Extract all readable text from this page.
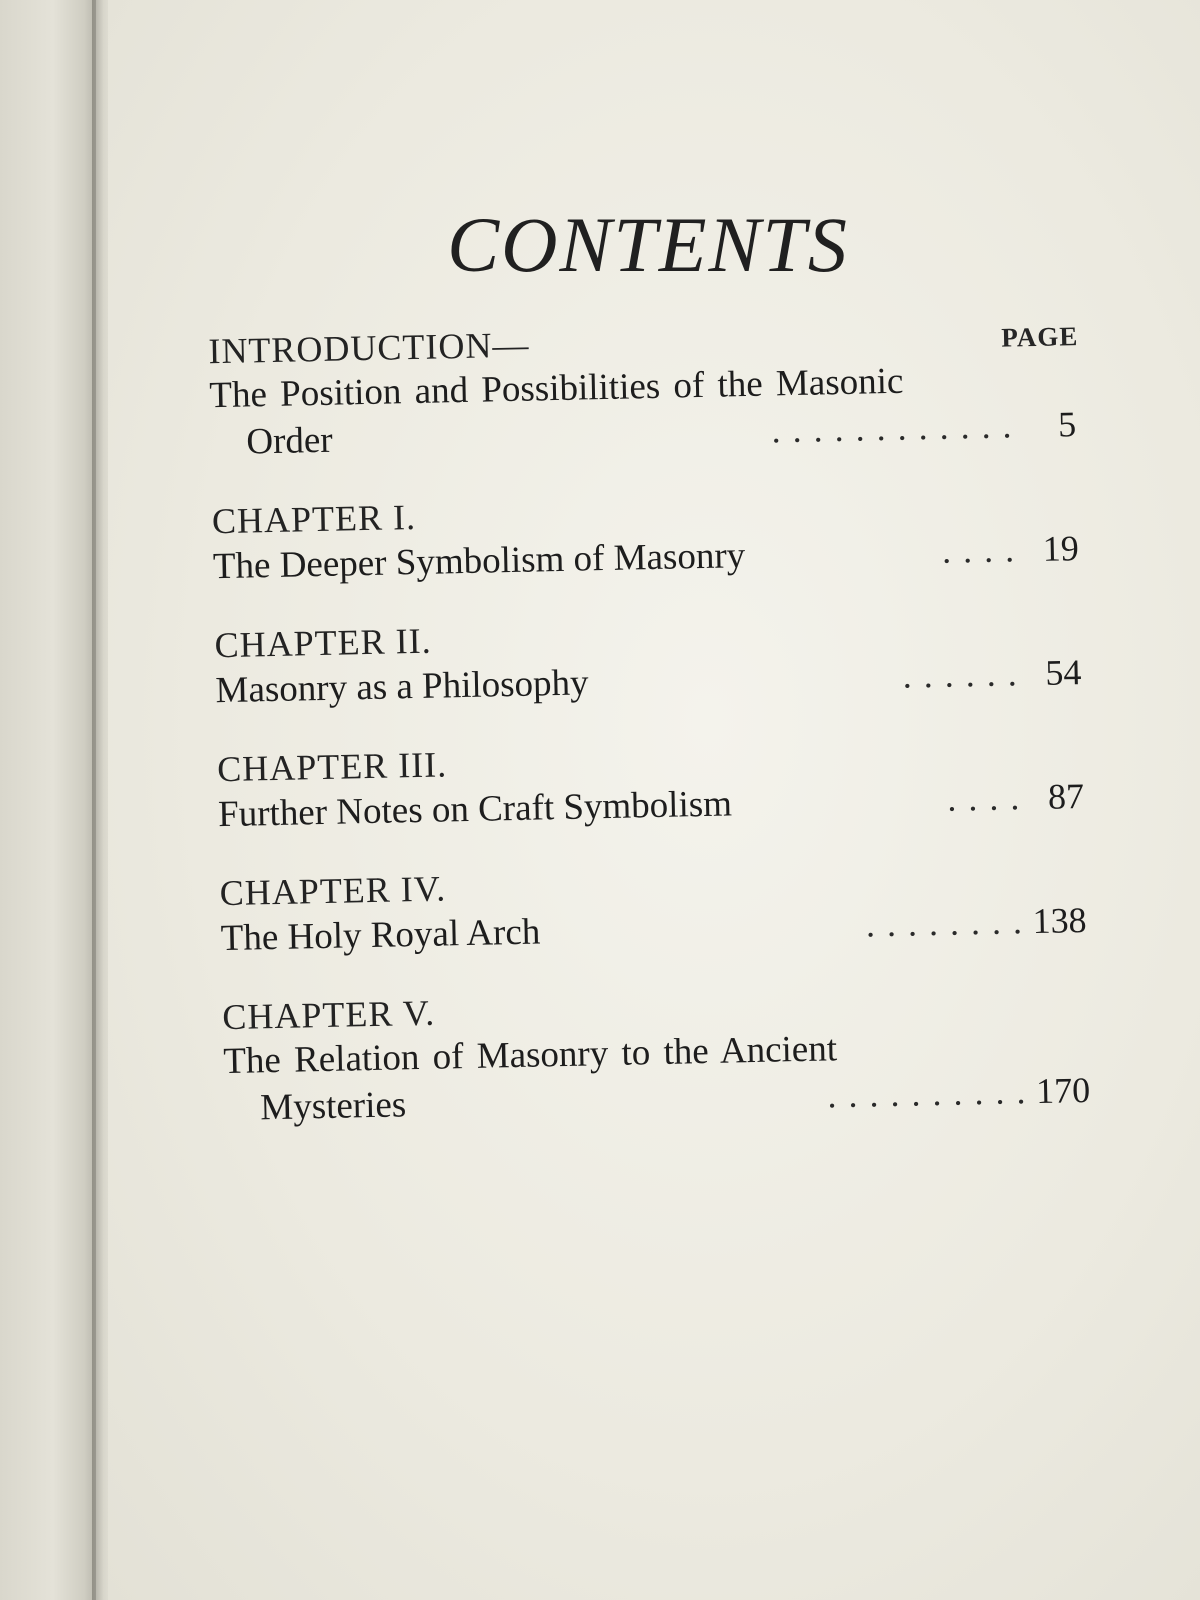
CONTENTS
PAGE
INTRODUCTION—
The Position and Possibilities of the Masonic
Order	. . . . . . . . . . . .	5
CHAPTER I.
The Deeper Symbolism of Masonry	. . . . 19
CHAPTER II.
Masonry as a Philosophy	. . . . . . 54
CHAPTER III.
Further Notes on Craft Symbolism	. . . . 87
CHAPTER IV.
The Holy Royal Arch	. . . . . . . . 138
CHAPTER V.
The Relation of Masonry to the Ancient
Mysteries	. . . . . . . . . . 170
